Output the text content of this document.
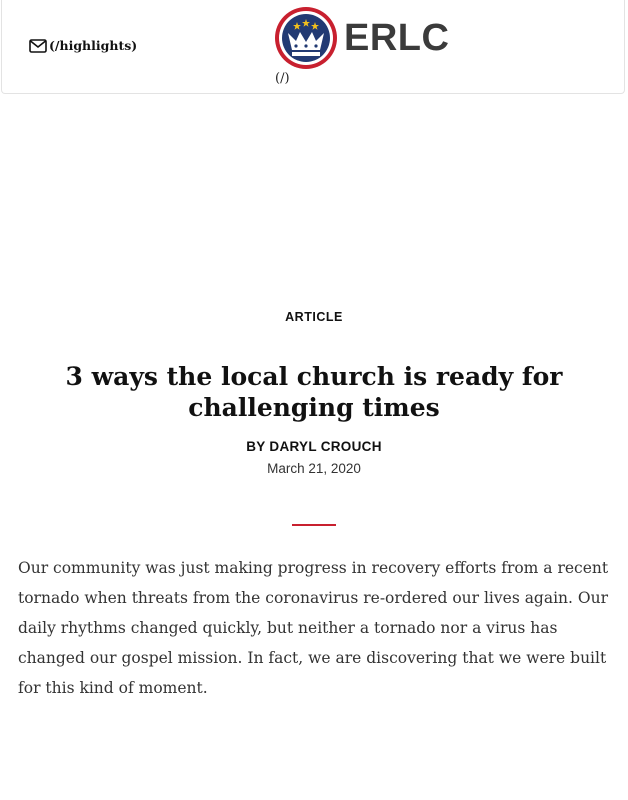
(/highlights)	ERLC
(/)

ARTICLE

3 ways the local church is ready for challenging times
BY DARYL CROUCH
March 21, 2020

Our community was just making progress in recovery efforts from a recent tornado when threats from the coronavirus re-ordered our lives again. Our daily rhythms changed quickly, but neither a tornado nor a virus has changed our gospel mission. In fact, we are discovering that we were built for this kind of moment.
